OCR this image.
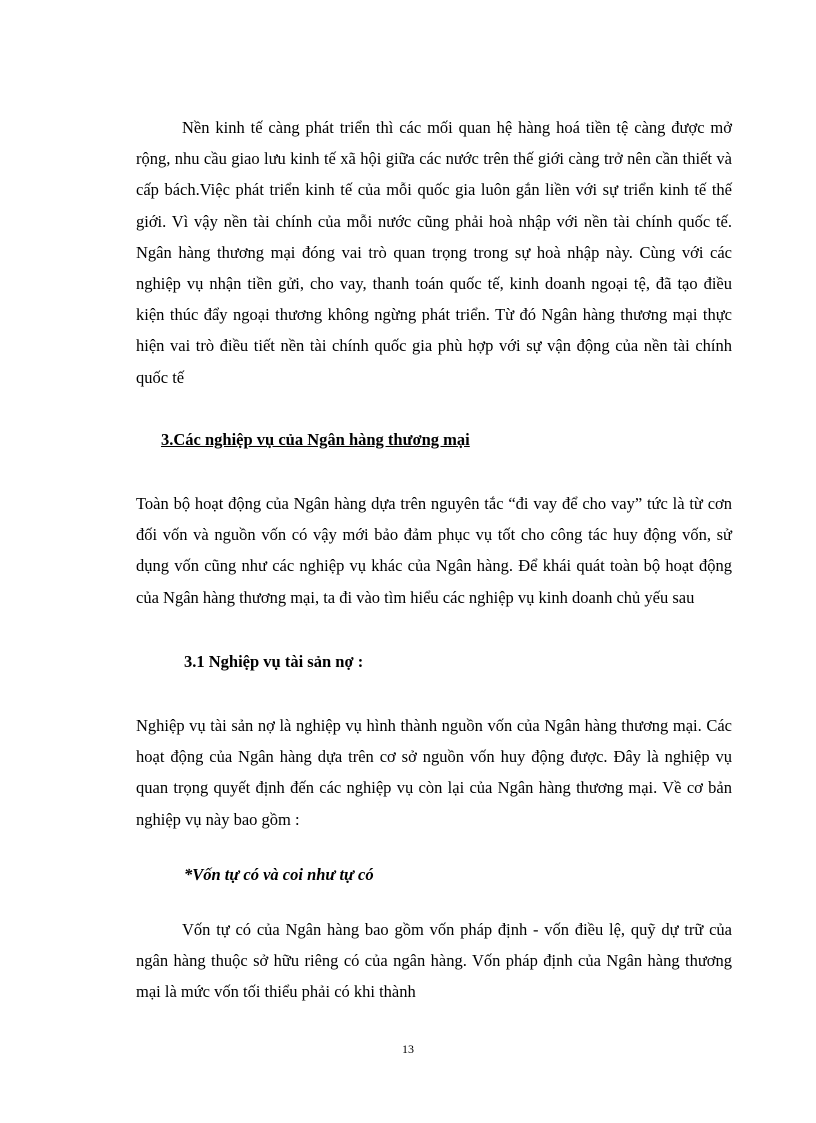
Nền kinh tế càng phát triển thì các mối quan hệ hàng hoá tiền tệ càng được mở rộng, nhu cầu giao lưu kinh tế xã hội giữa các nước trên thế giới càng trở nên cần thiết và cấp bách.Việc phát triển kinh tế của mỗi quốc gia luôn gắn liền với sự triển kinh tế thế giới. Vì vậy nền tài chính của mỗi nước cũng phải hoà nhập với nền tài chính quốc tế. Ngân hàng thương mại đóng vai trò quan trọng trong sự hoà nhập này. Cùng với các nghiệp vụ nhận tiền gửi, cho vay, thanh toán quốc tế, kinh doanh ngoại tệ, đã tạo điều kiện thúc đẩy ngoại thương không ngừng phát triển. Từ đó Ngân hàng thương mại thực hiện vai trò điều tiết nền tài chính quốc gia phù hợp với sự vận động của nền tài chính quốc tế

3.Các nghiệp vụ của Ngân hàng thương mại

Toàn bộ hoạt động của Ngân hàng dựa trên nguyên tắc “đi vay để cho vay” tức là từ cơn đối vốn và nguồn vốn có vậy mới bảo đảm phục vụ tốt cho công tác huy động vốn, sử dụng vốn cũng như các nghiệp vụ khác của Ngân hàng. Để khái quát toàn bộ hoạt động của Ngân hàng thương mại, ta đi vào tìm hiểu các nghiệp vụ kinh doanh chủ yếu sau

3.1 Nghiệp vụ tài sản nợ :

Nghiệp vụ tài sản nợ là nghiệp vụ hình thành nguồn vốn của Ngân hàng thương mại. Các hoạt động của Ngân hàng dựa trên cơ sở nguồn vốn huy động được. Đây là nghiệp vụ quan trọng quyết định đến các nghiệp vụ còn lại của Ngân hàng thương mại. Về cơ bản nghiệp vụ này bao gồm :

*Vốn tự có và coi như tự có

Vốn tự có của Ngân hàng bao gồm vốn pháp định - vốn điều lệ, quỹ dự trữ của ngân hàng thuộc sở hữu riêng có của ngân hàng. Vốn pháp định của Ngân hàng thương mại là mức vốn tối thiểu phải có khi thành

13
